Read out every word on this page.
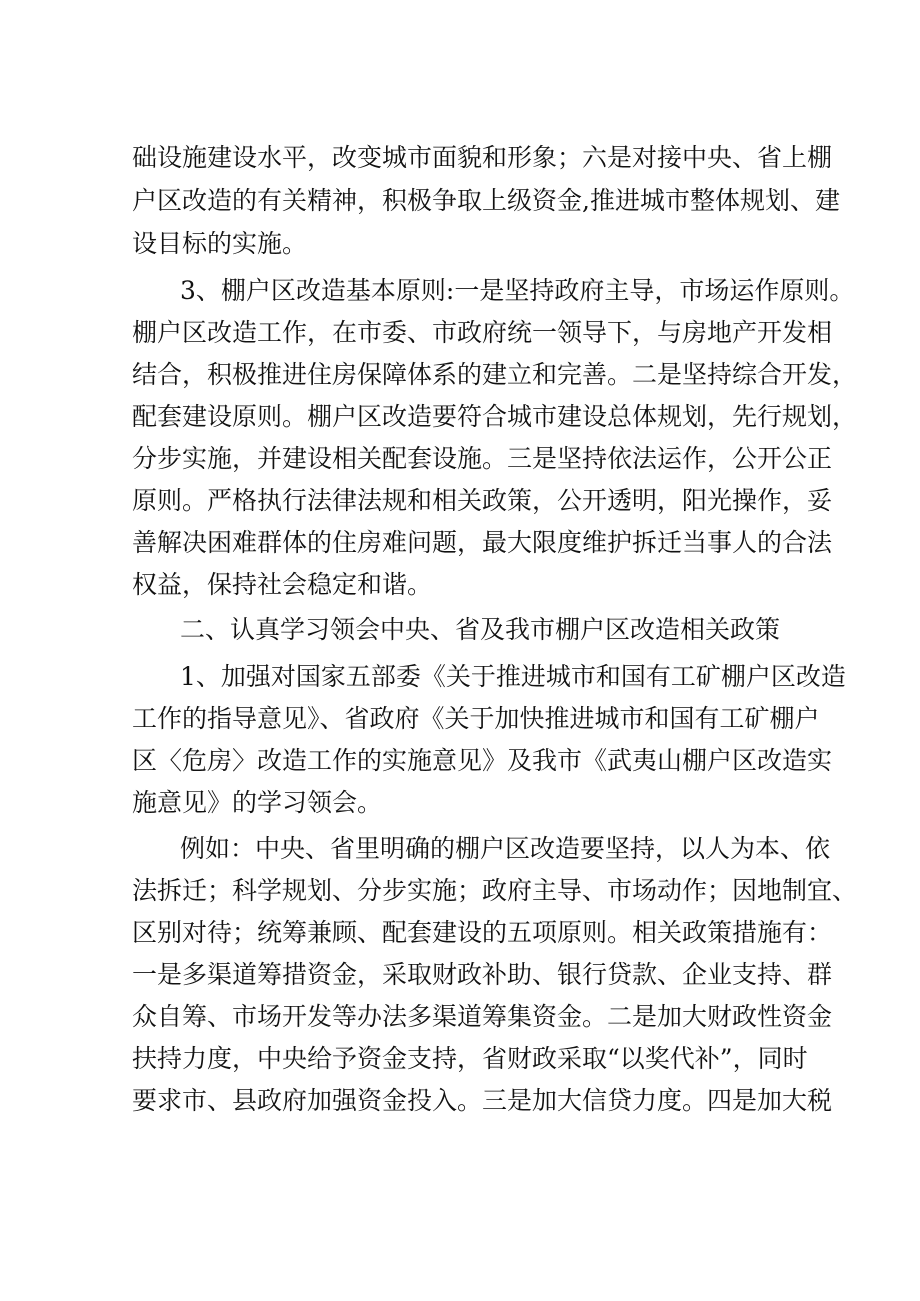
础设施建设水平，改变城市面貌和形象；六是对接中央、省上棚
户区改造的有关精神，积极争取上级资金,推进城市整体规划、建
设目标的实施。
3、棚户区改造基本原则:一是坚持政府主导，市场运作原则。
棚户区改造工作，在市委、市政府统一领导下，与房地产开发相
结合，积极推进住房保障体系的建立和完善。二是坚持综合开发，
配套建设原则。棚户区改造要符合城市建设总体规划，先行规划，
分步实施，并建设相关配套设施。三是坚持依法运作，公开公正
原则。严格执行法律法规和相关政策，公开透明，阳光操作，妥
善解决困难群体的住房难问题，最大限度维护拆迁当事人的合法
权益，保持社会稳定和谐。
二、认真学习领会中央、省及我市棚户区改造相关政策
1、加强对国家五部委《关于推进城市和国有工矿棚户区改造
工作的指导意见》、省政府《关于加快推进城市和国有工矿棚户
区〈危房〉改造工作的实施意见》及我市《武夷山棚户区改造实
施意见》的学习领会。
例如：中央、省里明确的棚户区改造要坚持，以人为本、依
法拆迁；科学规划、分步实施；政府主导、市场动作；因地制宜、
区别对待；统筹兼顾、配套建设的五项原则。相关政策措施有：
一是多渠道筹措资金，采取财政补助、银行贷款、企业支持、群
众自筹、市场开发等办法多渠道筹集资金。二是加大财政性资金
扶持力度，中央给予资金支持，省财政采取“以奖代补”，同时
要求市、县政府加强资金投入。三是加大信贷力度。四是加大税
